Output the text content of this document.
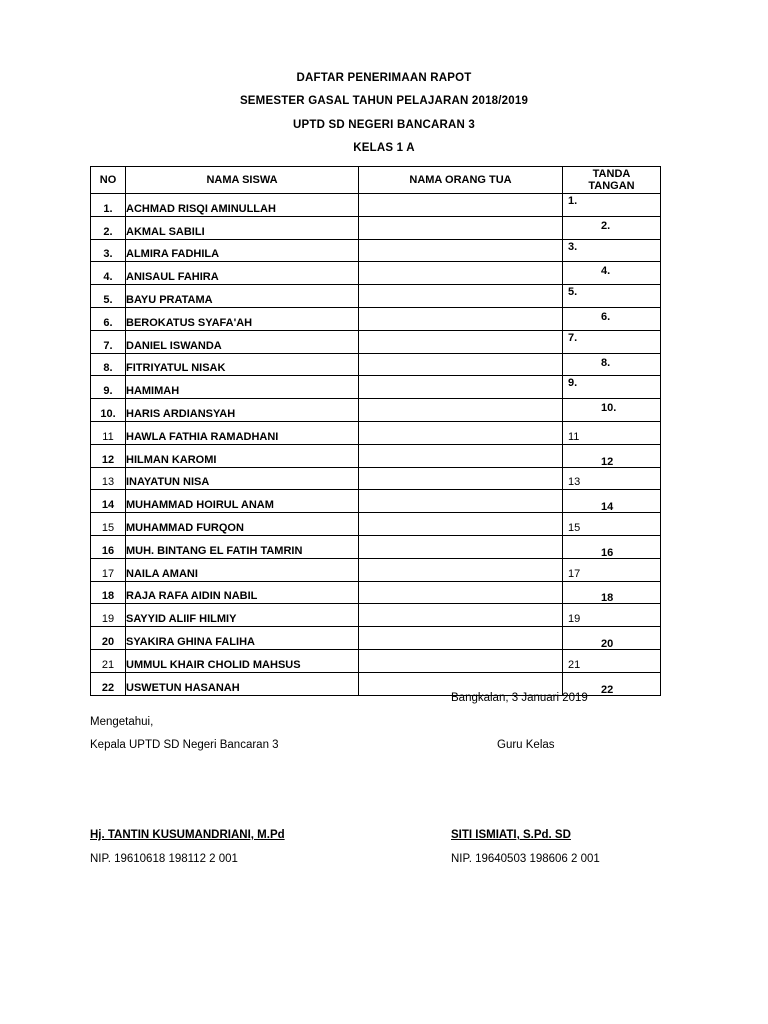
DAFTAR PENERIMAAN RAPOT
SEMESTER GASAL TAHUN PELAJARAN 2018/2019
UPTD SD NEGERI BANCARAN 3
KELAS 1 A
NO	NAMA SISWA	NAMA ORANG TUA	TANDA TANGAN
1.	ACHMAD RISQI AMINULLAH		1.

2.	AKMAL SABILI		2.

3.	ALMIRA FADHILA		3.

4.	ANISAUL FAHIRA		4.

5.	BAYU PRATAMA		5.

6.	BEROKATUS SYAFA'AH		6.

7.	DANIEL ISWANDA		7.

8.	FITRIYATUL NISAK		8.

9.	HAMIMAH		9.

10.	HARIS ARDIANSYAH		10.

11	HAWLA FATHIA RAMADHANI		11

12	HILMAN KAROMI		12

13	INAYATUN NISA		13

14	MUHAMMAD HOIRUL ANAM		14

15	MUHAMMAD FURQON		15

16	MUH. BINTANG EL FATIH TAMRIN		16

17	NAILA AMANI		17

18	RAJA RAFA AIDIN NABIL		18

19	SAYYID ALIIF HILMIY		19

20	SYAKIRA GHINA FALIHA		20

21	UMMUL KHAIR CHOLID MAHSUS		21

22	USWETUN HASANAH		22
Bangkalan, 3 Januari 2019
Mengetahui,
Kepala UPTD SD Negeri Bancaran 3	Guru Kelas
Hj. TANTIN KUSUMANDRIANI, M.Pd	SITI ISMIATI, S.Pd. SD
NIP. 19610618 198112 2 001	NIP. 19640503 198606 2 001
